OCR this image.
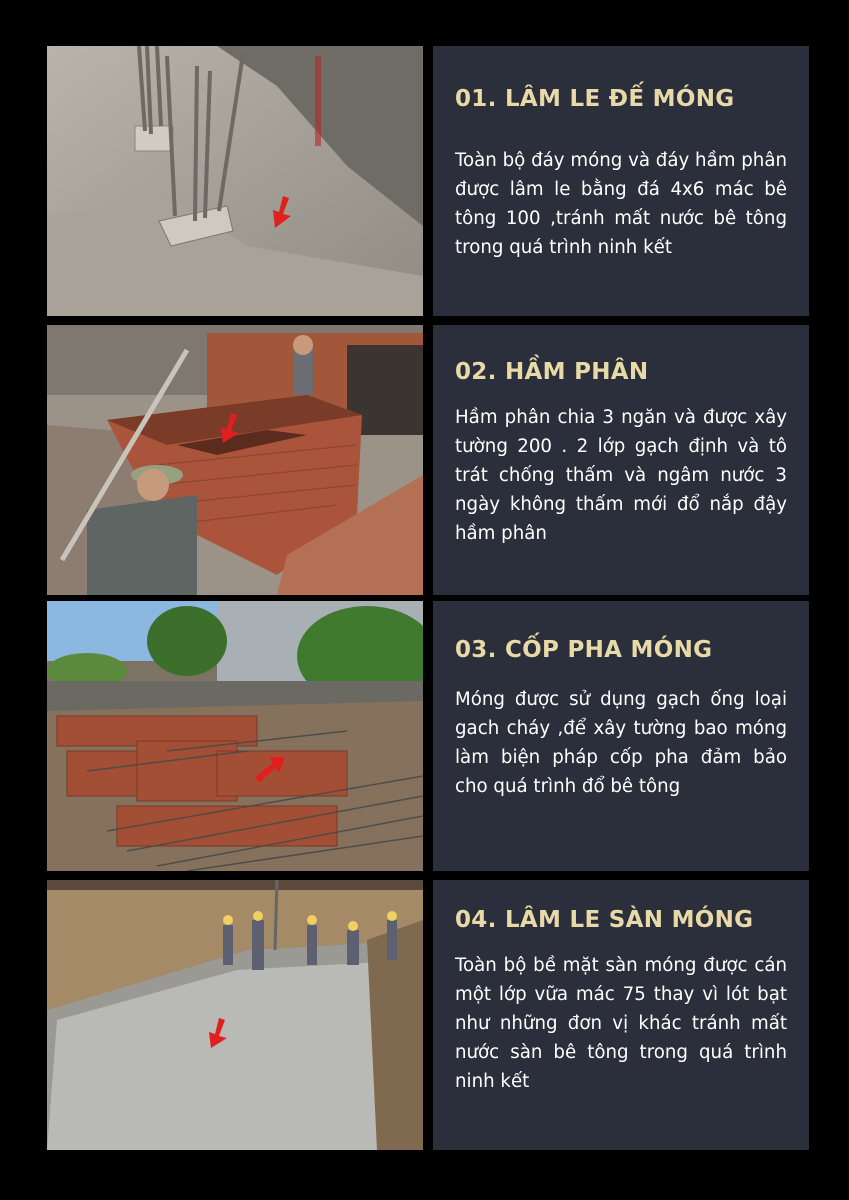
01. LÂM LE ĐẾ MÓNG

Toàn bộ đáy móng và đáy hầm phân được lâm le bằng đá 4x6 mác bê tông 100 ,tránh mất nước bê tông trong quá trình ninh kết

02. HẦM PHÂN

Hầm phân chia 3 ngăn và được xây tường 200 . 2 lớp gạch định và tô trát chống thấm và ngâm nước 3 ngày không thấm mới đổ nắp đậy hầm phân

03. CỐP PHA MÓNG

Móng được sử dụng gạch ống loại gach cháy ,để xây tường bao móng làm biện pháp cốp pha đảm bảo cho quá trình đổ bê tông

04. LÂM LE SÀN MÓNG

Toàn bộ bề mặt sàn móng được cán một lớp vữa mác 75 thay vì lót bạt như những đơn vị khác tránh mất nước sàn bê tông trong quá trình ninh kết
